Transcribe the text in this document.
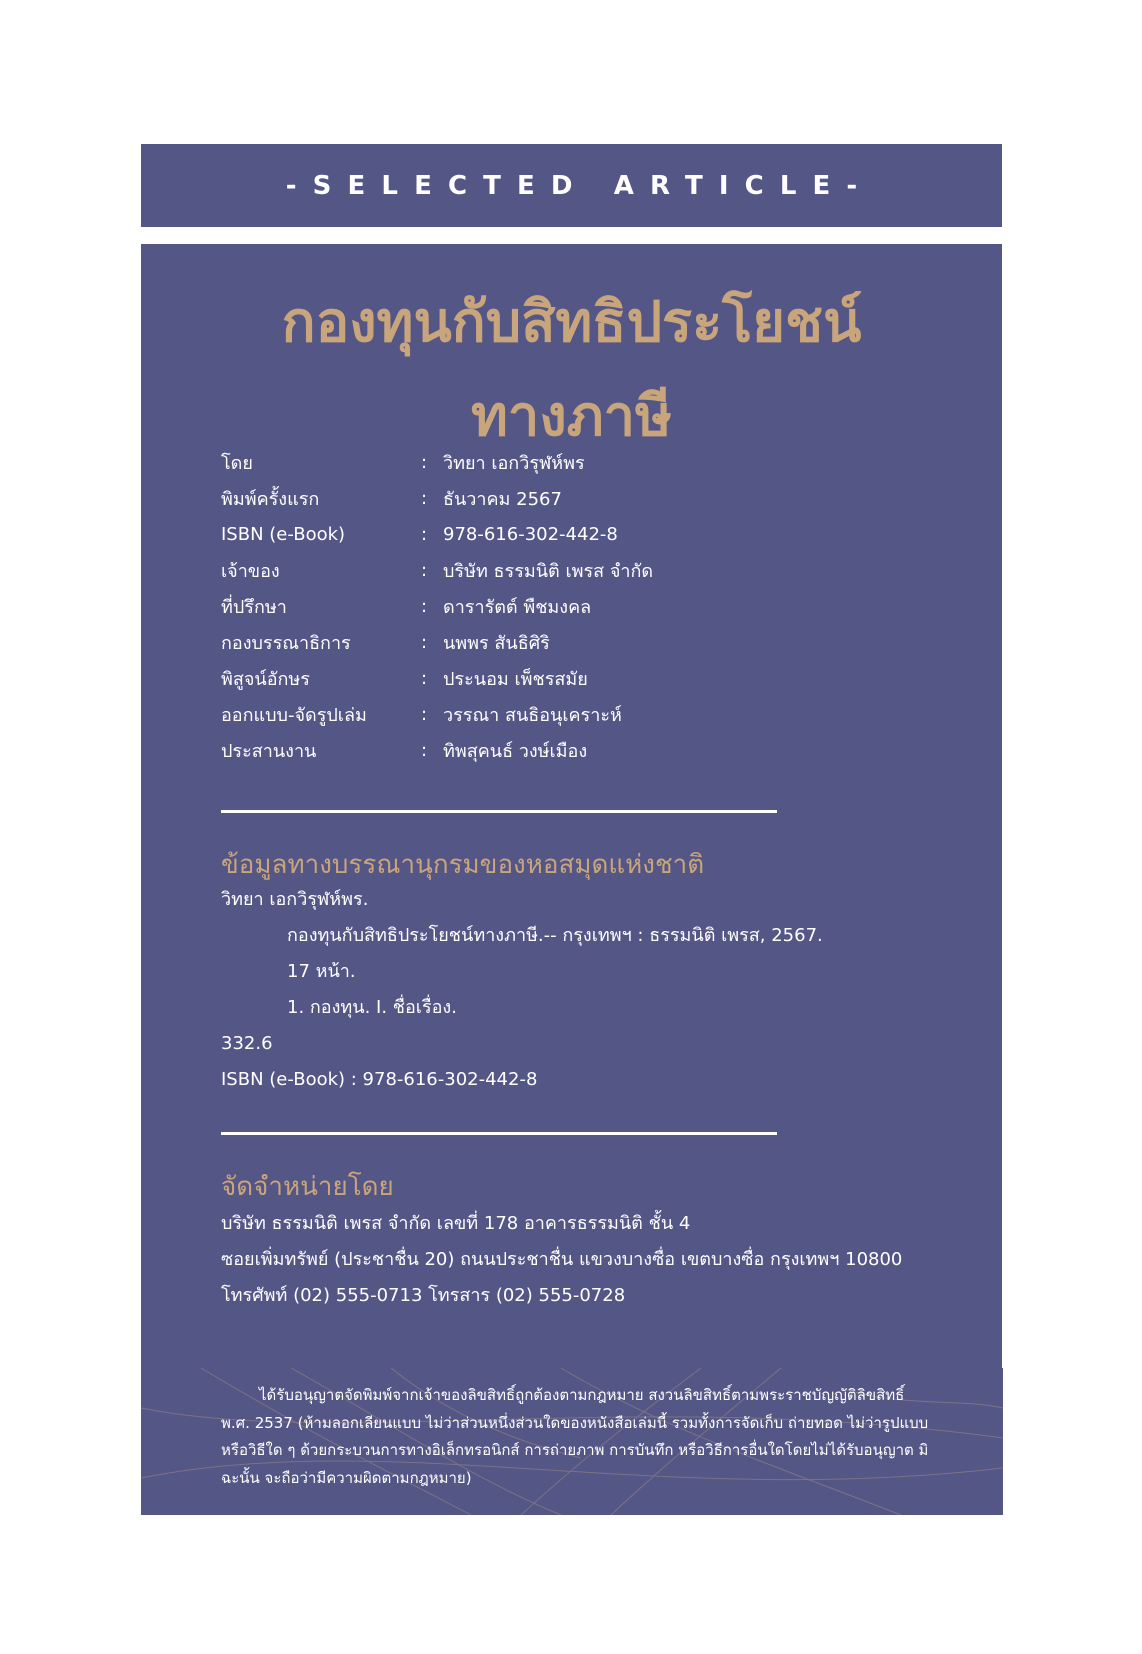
-SELECTED ARTICLE-
กองทุนกับสิทธิประโยชน์
ทางภาษี
โดย	: วิทยา เอกวิรุฬห์พร
พิมพ์ครั้งแรก	: ธันวาคม 2567
ISBN (e-Book)	: 978-616-302-442-8
เจ้าของ	: บริษัท ธรรมนิติ เพรส จำกัด
ที่ปรึกษา	: ดารารัตต์ พืชมงคล
กองบรรณาธิการ	: นพพร สันธิศิริ
พิสูจน์อักษร	: ประนอม เพ็ชรสมัย
ออกแบบ-จัดรูปเล่ม	: วรรณา สนธิอนุเคราะห์
ประสานงาน	: ทิพสุคนธ์ วงษ์เมือง
ข้อมูลทางบรรณานุกรมของหอสมุดแห่งชาติ
วิทยา เอกวิรุฬห์พร.
กองทุนกับสิทธิประโยชน์ทางภาษี.-- กรุงเทพฯ : ธรรมนิติ เพรส, 2567.
17 หน้า.
1. กองทุน. I. ชื่อเรื่อง.
332.6
ISBN (e-Book) : 978-616-302-442-8
จัดจำหน่ายโดย
บริษัท ธรรมนิติ เพรส จำกัด เลขที่ 178 อาคารธรรมนิติ ชั้น 4
ซอยเพิ่มทรัพย์ (ประชาชื่น 20) ถนนประชาชื่น แขวงบางซื่อ เขตบางซื่อ กรุงเทพฯ 10800
โทรศัพท์ (02) 555-0713 โทรสาร (02) 555-0728
ได้รับอนุญาตจัดพิมพ์จากเจ้าของลิขสิทธิ์ถูกต้องตามกฎหมาย สงวนลิขสิทธิ์ตามพระราชบัญญัติลิขสิทธิ์ พ.ศ. 2537 (ห้ามลอกเลียนแบบ ไม่ว่าส่วนหนึ่งส่วนใดของหนังสือเล่มนี้ รวมทั้งการจัดเก็บ ถ่ายทอด ไม่ว่ารูปแบบหรือวิธีใด ๆ ด้วยกระบวนการทางอิเล็กทรอนิกส์ การถ่ายภาพ การบันทึก หรือวิธีการอื่นใดโดยไม่ได้รับอนุญาต มิฉะนั้น จะถือว่ามีความผิดตามกฎหมาย)
